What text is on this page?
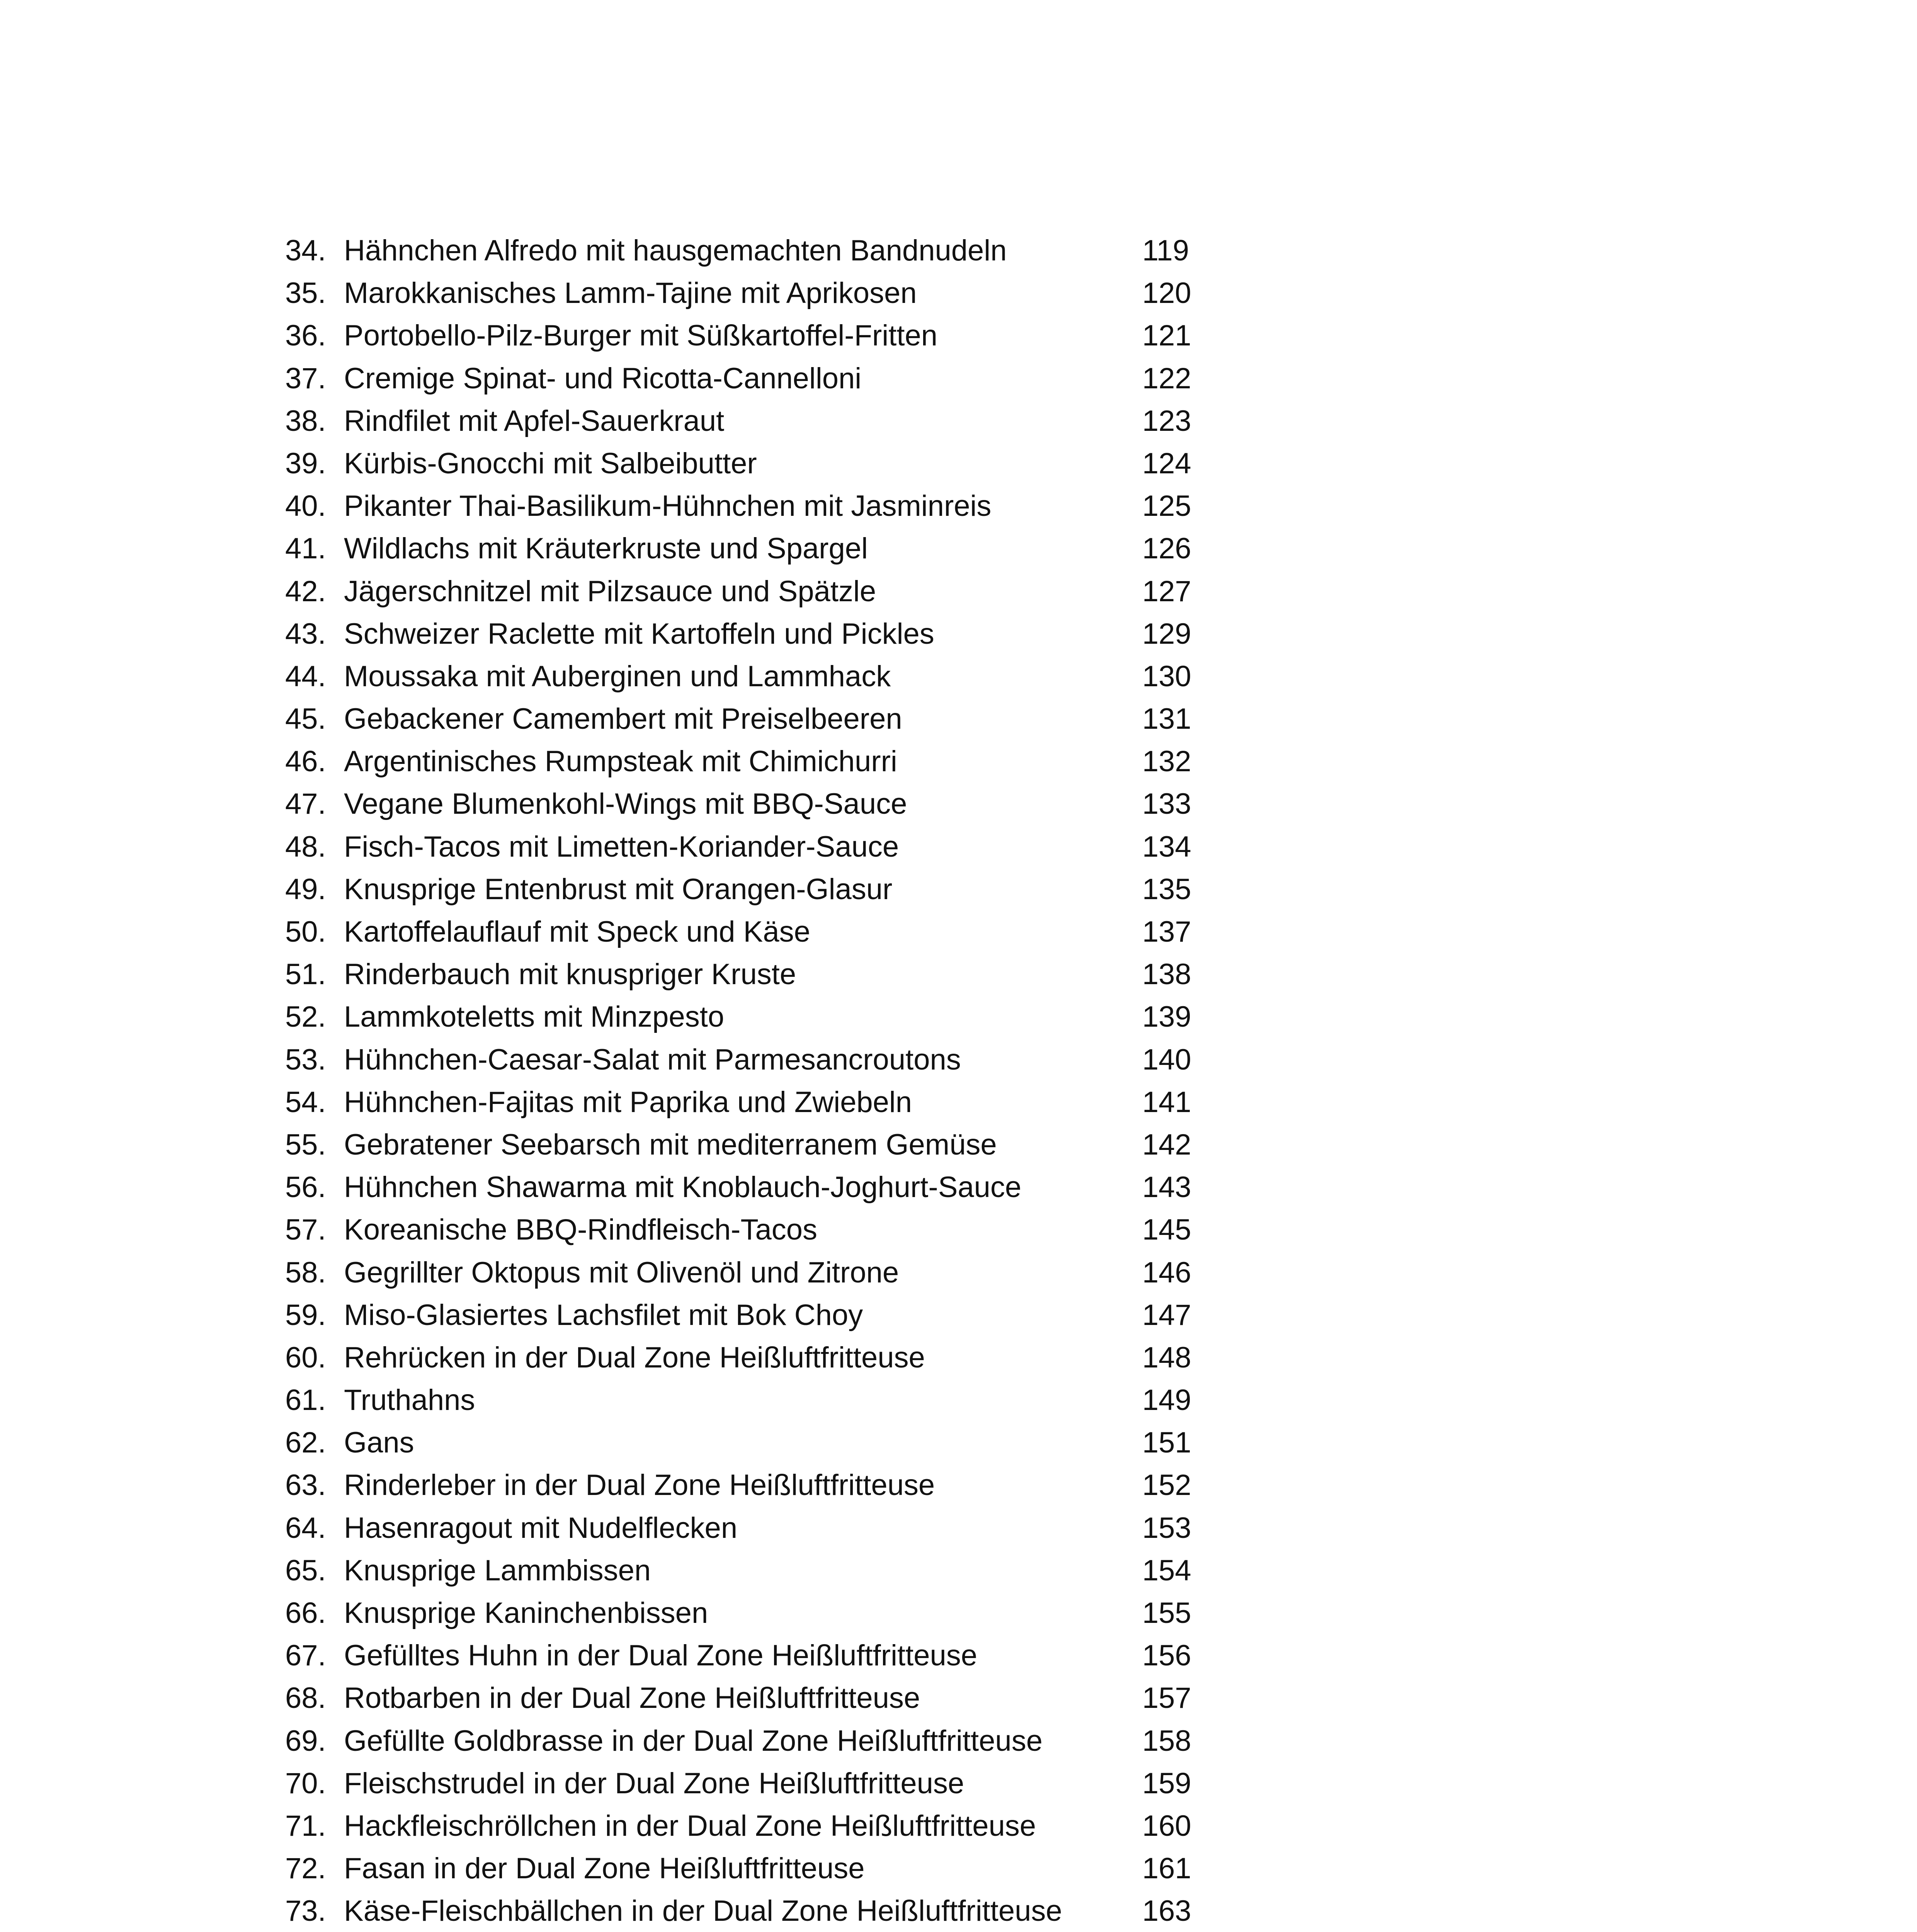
34. Hähnchen Alfredo mit hausgemachten Bandnudeln	119
35. Marokkanisches Lamm-Tajine mit Aprikosen	120
36. Portobello-Pilz-Burger mit Süßkartoffel-Fritten	121
37. Cremige Spinat- und Ricotta-Cannelloni	122
38. Rindfilet mit Apfel-Sauerkraut	123
39. Kürbis-Gnocchi mit Salbeibutter	124
40. Pikanter Thai-Basilikum-Hühnchen mit Jasminreis	125
41. Wildlachs mit Kräuterkruste und Spargel	126
42. Jägerschnitzel mit Pilzsauce und Spätzle	127
43. Schweizer Raclette mit Kartoffeln und Pickles	129
44. Moussaka mit Auberginen und Lammhack	130
45. Gebackener Camembert mit Preiselbeeren	131
46. Argentinisches Rumpsteak mit Chimichurri	132
47. Vegane Blumenkohl-Wings mit BBQ-Sauce	133
48. Fisch-Tacos mit Limetten-Koriander-Sauce	134
49. Knusprige Entenbrust mit Orangen-Glasur	135
50. Kartoffelauflauf mit Speck und Käse	137
51. Rinderbauch mit knuspriger Kruste	138
52. Lammkoteletts mit Minzpesto	139
53. Hühnchen-Caesar-Salat mit Parmesancroutons	140
54. Hühnchen-Fajitas mit Paprika und Zwiebeln	141
55. Gebratener Seebarsch mit mediterranem Gemüse	142
56. Hühnchen Shawarma mit Knoblauch-Joghurt-Sauce	143
57. Koreanische BBQ-Rindfleisch-Tacos	145
58. Gegrillter Oktopus mit Olivenöl und Zitrone	146
59. Miso-Glasiertes Lachsfilet mit Bok Choy	147
60. Rehrücken in der Dual Zone Heißluftfritteuse	148
61. Truthahns	149
62. Gans	151
63. Rinderleber in der Dual Zone Heißluftfritteuse	152
64. Hasenragout mit Nudelflecken	153
65. Knusprige Lammbissen	154
66. Knusprige Kaninchenbissen	155
67. Gefülltes Huhn in der Dual Zone Heißluftfritteuse	156
68. Rotbarben in der Dual Zone Heißluftfritteuse	157
69. Gefüllte Goldbrasse in der Dual Zone Heißluftfritteuse	158
70. Fleischstrudel in der Dual Zone Heißluftfritteuse	159
71. Hackfleischröllchen in der Dual Zone Heißluftfritteuse	160
72. Fasan in der Dual Zone Heißluftfritteuse	161
73. Käse-Fleischbällchen in der Dual Zone Heißluftfritteuse	163
